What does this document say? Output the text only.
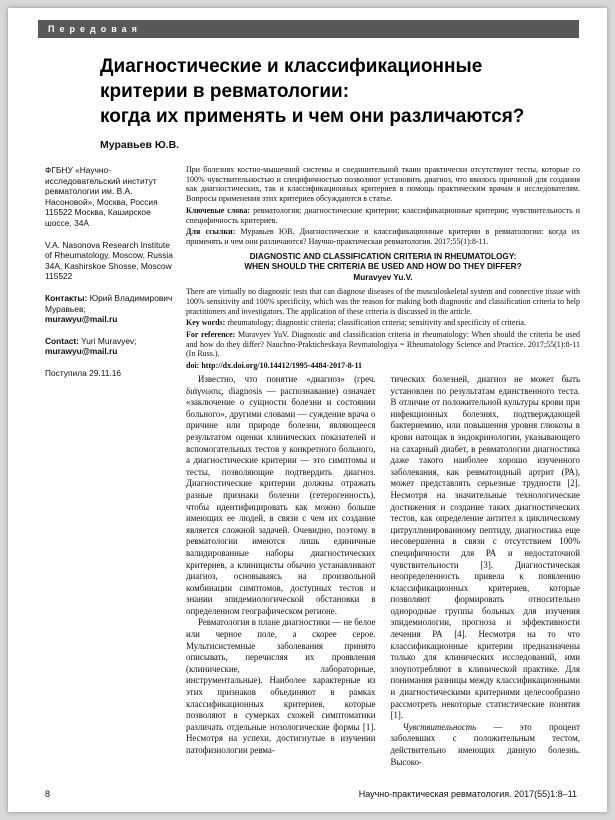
Передовая
Диагностические и классификационные
критерии в ревматологии:
когда их применять и чем они различаются?
Муравьев Ю.В.
ФГБНУ «Научно-исследовательский институт ревматологии им. В.А. Насоновой», Москва, Россия 115522 Москва, Каширское шоссе, 34А
V.A. Nasonova Research Institute of Rheumatology, Moscow, Russia 34A, Kashirskoe Shosse, Moscow 115522
Контакты: Юрий Владимирович Муравьев;
murawyu@mail.ru
Contact: Yuri Muravyev;
murawyu@mail.ru
Поступила 29.11.16

При болезнях костно-мышечной системы и соединительной ткани практически отсутствуют тесты, которые со 100% чувствительностью и специфичностью позволяют установить диагноз, что явилось причиной для создания как диагностических, так и классификационных критериев в помощь практическим врачам и исследователям. Вопросы применения этих критериев обсуждаются в статье.

Ключевые слова: ревматология; диагностические критерии; классификационные критерии; чувствительность и специфичность критериев.

Для ссылки: Муравьев ЮВ. Диагностические и классификационные критерии в ревматологии: когда их применять и чем они различаются? Научно-практическая ревматология. 2017;55(1):8-11.

DIAGNOSTIC AND CLASSIFICATION CRITERIA IN RHEUMATOLOGY:
WHEN SHOULD THE CRITERIA BE USED AND HOW DO THEY DIFFER?
Muravyev Yu.V.

There are virtually no diagnostic tests that can diagnose diseases of the musculoskeletal system and connective tissue with 100% sensitivity and 100% specificity, which was the reason for making both diagnostic and classification criteria to help practitioners and investigators. The application of these criteria is discussed in the article.

Key words: rheumatology; diagnostic criteria; classification criteria; sensitivity and specificity of criteria.

For reference: Muravyev YuV. Diagnostic and classification criteria in rheumatology: When should the criteria be used and how do they differ? Nauchno-Prakticheskaya Revmatologiya = Rheumatology Science and Practice. 2017;55(1):8-11 (In Russ.).

doi: http://dx.doi.org/10.14412/1995-4484-2017-8-11

Известно, что понятие «диагноз» (греч. διάγνωσις, diagnosis — распознавание) означает «заключение о сущности болезни и состоянии больного», другими словами — суждение врача о причине или природе болезни, являющееся результатом оценки клинических показателей и вспомогательных тестов у конкретного больного, а диагностические критерии — это симптомы и тесты, позволяющие подтвердить диагноз. Диагностические критерии должны отражать разные признаки болезни (гетерогенность), чтобы идентифицировать как можно больше имеющих ее людей, в связи с чем их создание является сложной задачей. Очевидно, поэтому в ревматологии имеются лишь единичные валидированные наборы диагностических критериев, а клиницисты обычно устанавливают диагноз, основываясь на произвольной комбинации симптомов, доступных тестов и знании эпидемиологической обстановки в определенном географическом регионе.

Ревматология в плане диагностики — не белое или черное поле, а скорее серое. Мультисистемные заболевания принято описывать, перечисляя их проявления (клинические, лабораторные, инструментальные). Наиболее характерные из этих признаков объединяют в рамках классификационных критериев, которые позволяют в сумерках схожей симптоматики различать отдельные нозологические формы [1]. Несмотря на успехи, достигнутые в изучении патофизиологии ревма-

тических болезней, диагноз не может быть установлен по результатам единственного теста. В отличие от положительной культуры крови при инфекционных болезнях, подтверждающей бактериемию, или повышения уровня глюкозы в крови натощак в эндокринологии, указывающего на сахарный диабет, в ревматологии диагностика даже такого наиболее хорошо изученного заболевания, как ревматоидный артрит (РА), может представлять серьезные трудности [2]. Несмотря на значительные технологические достижения и создание таких диагностических тестов, как определение антител к циклическому цитруллинированному пептиду, диагностика еще несовершенна в связи с отсутствием 100% специфичности для РА и недостаточной чувствительности [3]. Диагностическая неопределенность привела к появлению классификационных критериев, которые позволяют формировать относительно однородные группы больных для изучения эпидемиологии, прогноза и эффективности лечения РА [4]. Несмотря на то что классификационные критерии предназначены только для клинических исследований, ими злоупотребляют в клинической практике. Для понимания разницы между классификационными и диагностическими критериями целесообразно рассмотреть некоторые статистические понятия [1].

Чувствительность — это процент заболевших с положительным тестом, действительно имеющих данную болезнь. Высоко-

8	Научно-практическая ревматология. 2017(55)1:8–11
